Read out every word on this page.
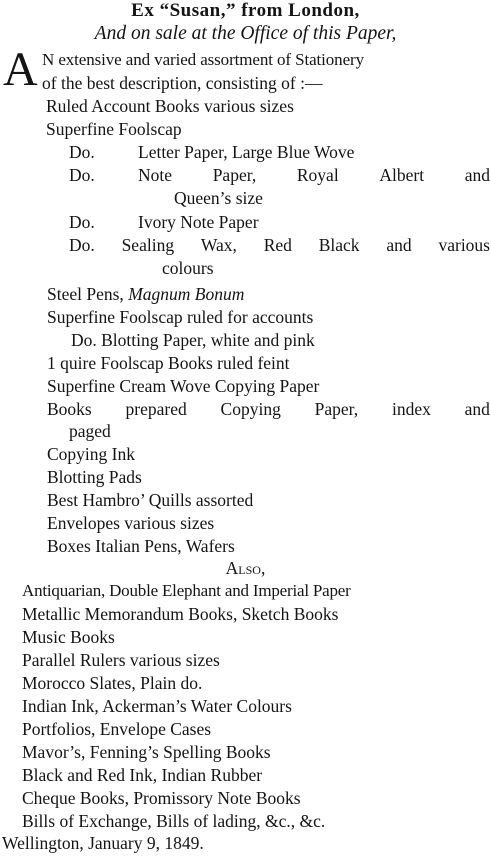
Ex “Susan,” from London,
And on sale at the Office of this Paper,
A N extensive and varied assortment of Stationery
of the best description, consisting of :—
Ruled Account Books various sizes
Superfine Foolscap
Do. Letter Paper, Large Blue Wove
Do. Note Paper, Royal Albert and
Queen’s size
Do. Ivory Note Paper
Do. Sealing Wax, Red Black and various
colours
Steel Pens, Magnum Bonum
Superfine Foolscap ruled for accounts
Do. Blotting Paper, white and pink
1 quire Foolscap Books ruled feint
Superfine Cream Wove Copying Paper
Books prepared Copying Paper, index and
paged
Copying Ink
Blotting Pads
Best Hambro’ Quills assorted
Envelopes various sizes
Boxes Italian Pens, Wafers
Also,
Antiquarian, Double Elephant and Imperial Paper
Metallic Memorandum Books, Sketch Books
Music Books
Parallel Rulers various sizes
Morocco Slates, Plain do.
Indian Ink, Ackerman’s Water Colours
Portfolios, Envelope Cases
Mavor’s, Fenning’s Spelling Books
Black and Red Ink, Indian Rubber
Cheque Books, Promissory Note Books
Bills of Exchange, Bills of lading, &c., &c.
Wellington, January 9, 1849.
